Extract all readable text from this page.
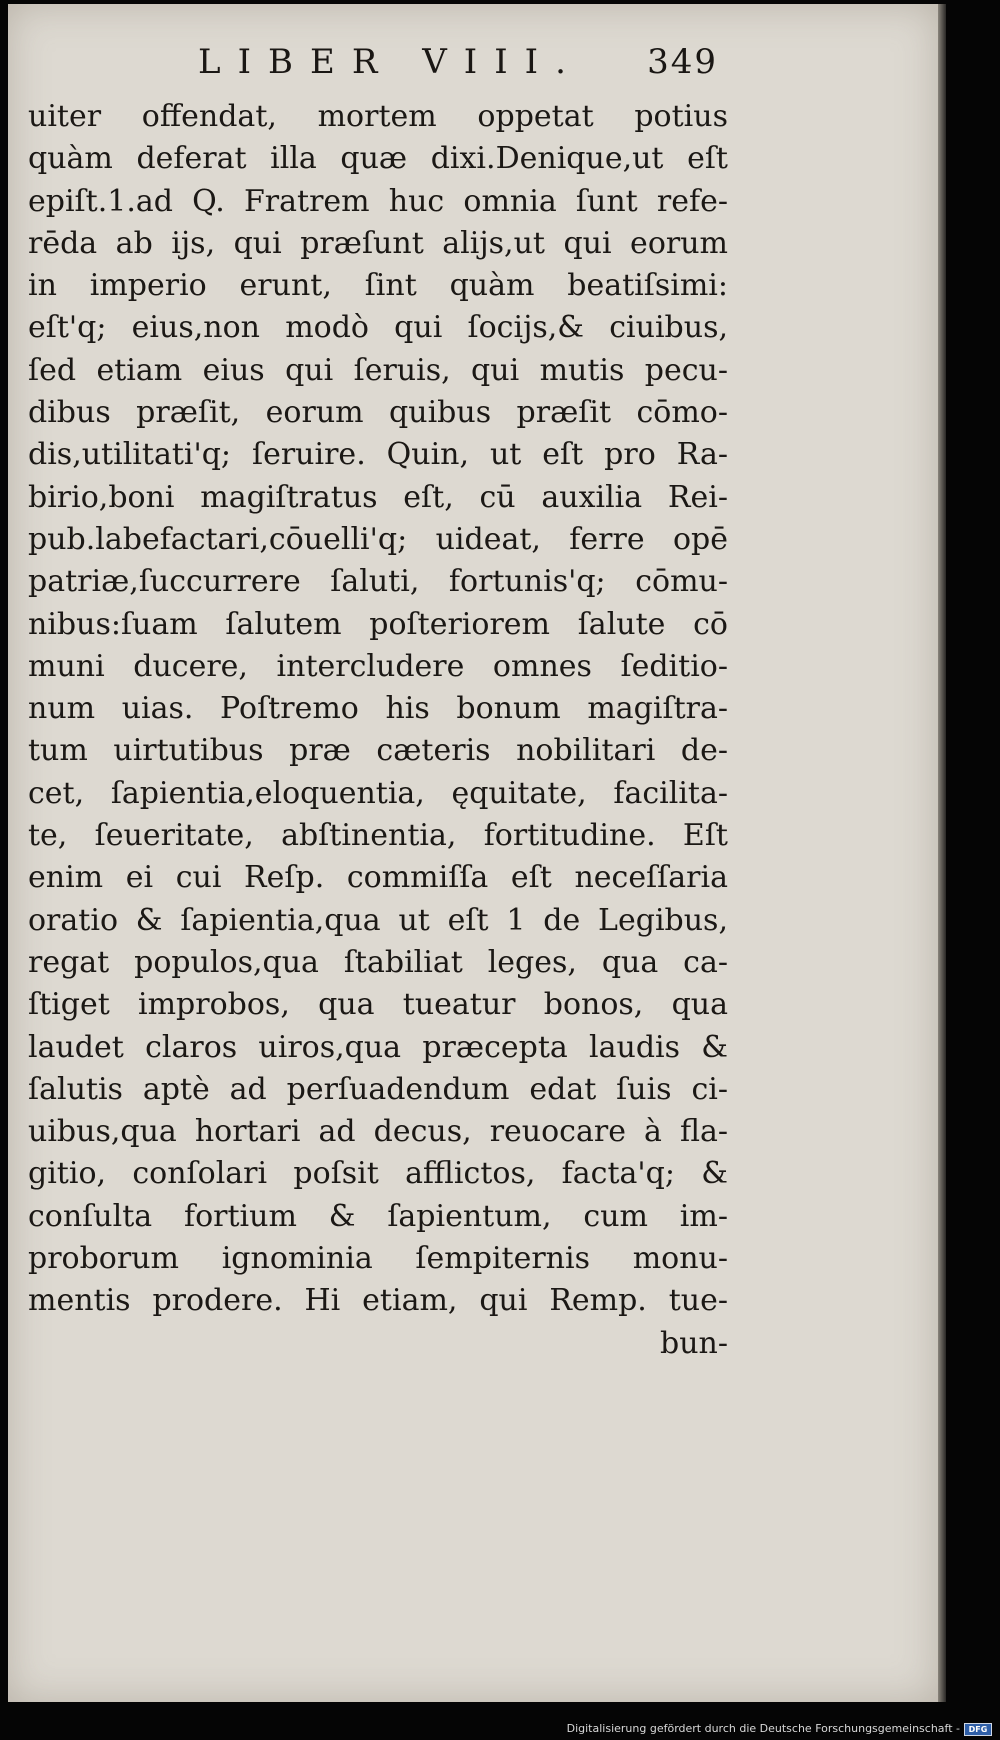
LIBER VIII. 349
uiter offendat, mortem oppetat potius
quàm deferat illa quæ dixi.Denique,ut eſt
epiſt.1.ad Q. Fratrem huc omnia ſunt refe-
rēda ab ijs, qui præſunt alijs,ut qui eorum
in imperio erunt, ſint quàm beatiſsimi:
eſt'q; eius,non modò qui ſocijs,& ciuibus,
ſed etiam eius qui ſeruis, qui mutis pecu-
dibus præſit, eorum quibus præſit cōmo-
dis,utilitati'q; ſeruire. Quin, ut eſt pro Ra-
birio,boni magiſtratus eſt, cū auxilia Rei-
pub.labefactari,cōuelli'q; uideat, ferre opē
patriæ,ſuccurrere ſaluti, fortunis'q; cōmu-
nibus:ſuam ſalutem poſteriorem ſalute cō
muni ducere, intercludere omnes ſeditio-
num uias. Poſtremo his bonum magiſtra-
tum uirtutibus præ cæteris nobilitari de-
cet, ſapientia,eloquentia, ęquitate, facilita-
te, ſeueritate, abſtinentia, fortitudine. Eſt
enim ei cui Reſp. commiſſa eſt neceſſaria
oratio & ſapientia,qua ut eſt 1 de Legibus,
regat populos,qua ſtabiliat leges, qua ca-
ſtiget improbos, qua tueatur bonos, qua
laudet claros uiros,qua præcepta laudis &
ſalutis aptè ad perſuadendum edat ſuis ci-
uibus,qua hortari ad decus, reuocare à fla-
gitio, conſolari poſsit afflictos, facta'q; &
conſulta fortium & ſapientum, cum im-
proborum ignominia ſempiternis monu-
mentis prodere. Hi etiam, qui Remp. tue-
bun-
Digitalisierung gefördert durch die Deutsche Forschungsgemeinschaft -	DFG
